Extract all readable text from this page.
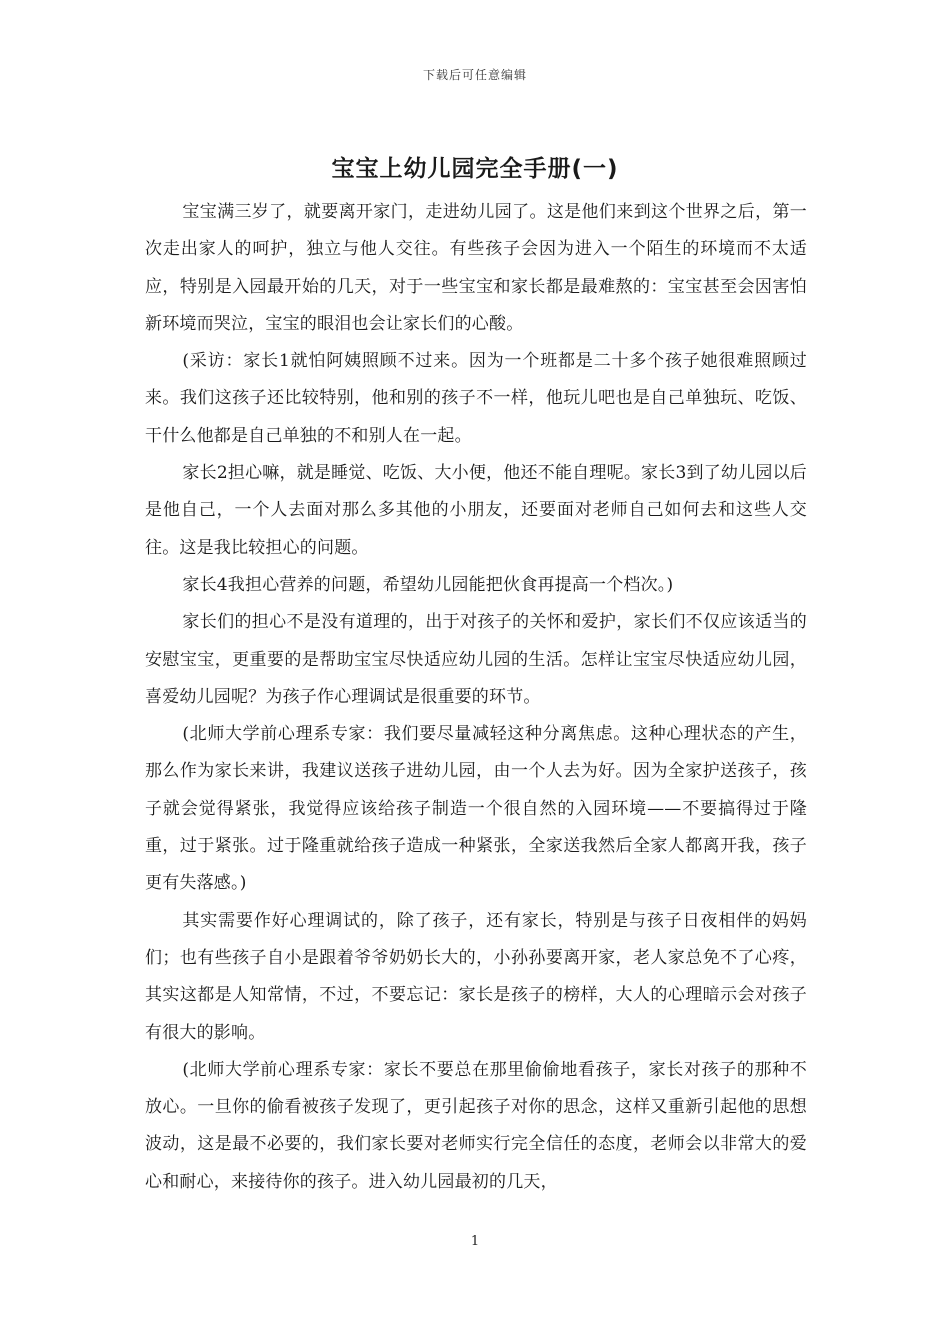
下载后可任意编辑
宝宝上幼儿园完全手册(一)

宝宝满三岁了，就要离开家门，走进幼儿园了。这是他们来到这个世界之后，第一次走出家人的呵护，独立与他人交往。有些孩子会因为进入一个陌生的环境而不太适应，特别是入园最开始的几天，对于一些宝宝和家长都是最难熬的：宝宝甚至会因害怕新环境而哭泣，宝宝的眼泪也会让家长们的心酸。

(采访：家长1就怕阿姨照顾不过来。因为一个班都是二十多个孩子她很难照顾过来。我们这孩子还比较特别，他和别的孩子不一样，他玩儿吧也是自己单独玩、吃饭、干什么他都是自己单独的不和别人在一起。

家长2担心嘛，就是睡觉、吃饭、大小便，他还不能自理呢。家长3到了幼儿园以后是他自己，一个人去面对那么多其他的小朋友，还要面对老师自己如何去和这些人交往。这是我比较担心的问题。

家长4我担心营养的问题，希望幼儿园能把伙食再提高一个档次。)

家长们的担心不是没有道理的，出于对孩子的关怀和爱护，家长们不仅应该适当的安慰宝宝，更重要的是帮助宝宝尽快适应幼儿园的生活。怎样让宝宝尽快适应幼儿园，喜爱幼儿园呢？为孩子作心理调试是很重要的环节。

(北师大学前心理系专家：我们要尽量减轻这种分离焦虑。这种心理状态的产生，那么作为家长来讲，我建议送孩子进幼儿园，由一个人去为好。因为全家护送孩子，孩子就会觉得紧张，我觉得应该给孩子制造一个很自然的入园环境——不要搞得过于隆重，过于紧张。过于隆重就给孩子造成一种紧张，全家送我然后全家人都离开我，孩子更有失落感。)

其实需要作好心理调试的，除了孩子，还有家长，特别是与孩子日夜相伴的妈妈们；也有些孩子自小是跟着爷爷奶奶长大的，小孙孙要离开家，老人家总免不了心疼，其实这都是人知常情，不过，不要忘记：家长是孩子的榜样，大人的心理暗示会对孩子有很大的影响。

(北师大学前心理系专家：家长不要总在那里偷偷地看孩子，家长对孩子的那种不放心。一旦你的偷看被孩子发现了，更引起孩子对你的思念，这样又重新引起他的思想波动，这是最不必要的，我们家长要对老师实行完全信任的态度，老师会以非常大的爱心和耐心，来接待你的孩子。进入幼儿园最初的几天，

1
